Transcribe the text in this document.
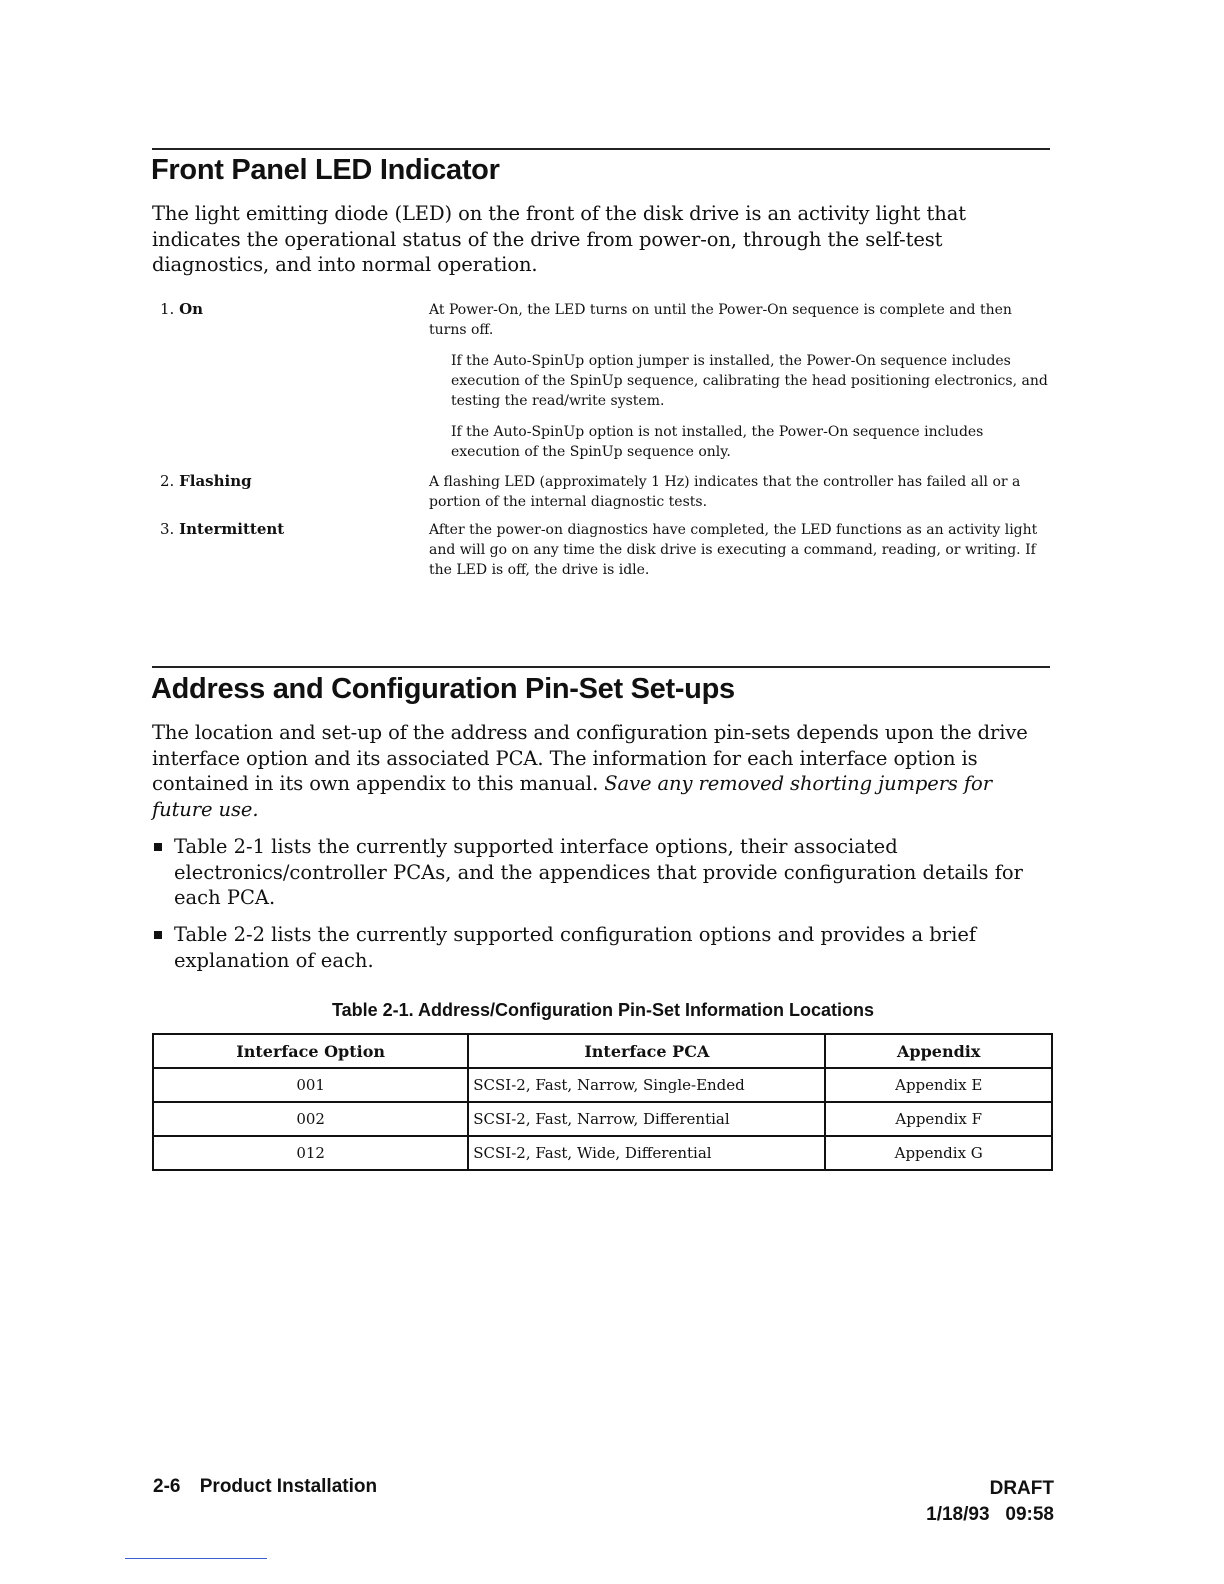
Front Panel LED Indicator

The light emitting diode (LED) on the front of the disk drive is an activity light that indicates the operational status of the drive from power-on, through the self-test diagnostics, and into normal operation.

1. On	At Power-On, the LED turns on until the Power-On sequence is complete and then turns off.
If the Auto-SpinUp option jumper is installed, the Power-On sequence includes execution of the SpinUp sequence, calibrating the head positioning electronics, and testing the read/write system.
If the Auto-SpinUp option is not installed, the Power-On sequence includes execution of the SpinUp sequence only.
2. Flashing	A flashing LED (approximately 1 Hz) indicates that the controller has failed all or a portion of the internal diagnostic tests.
3. Intermittent	After the power-on diagnostics have completed, the LED functions as an activity light and will go on any time the disk drive is executing a command, reading, or writing. If the LED is off, the drive is idle.
Address and Configuration Pin-Set Set-ups

The location and set-up of the address and configuration pin-sets depends upon the drive interface option and its associated PCA. The information for each interface option is contained in its own appendix to this manual. Save any removed shorting jumpers for future use.

Table 2-1 lists the currently supported interface options, their associated electronics/controller PCAs, and the appendices that provide configuration details for each PCA.
Table 2-2 lists the currently supported configuration options and provides a brief explanation of each.
Table 2-1. Address/Configuration Pin-Set Information Locations
Interface Option	Interface PCA	Appendix
001	SCSI-2, Fast, Narrow, Single-Ended	Appendix E
002	SCSI-2, Fast, Narrow, Differential	Appendix F
012	SCSI-2, Fast, Wide, Differential	Appendix G
2-6 Product Installation	DRAFT
1/18/93 09:58
